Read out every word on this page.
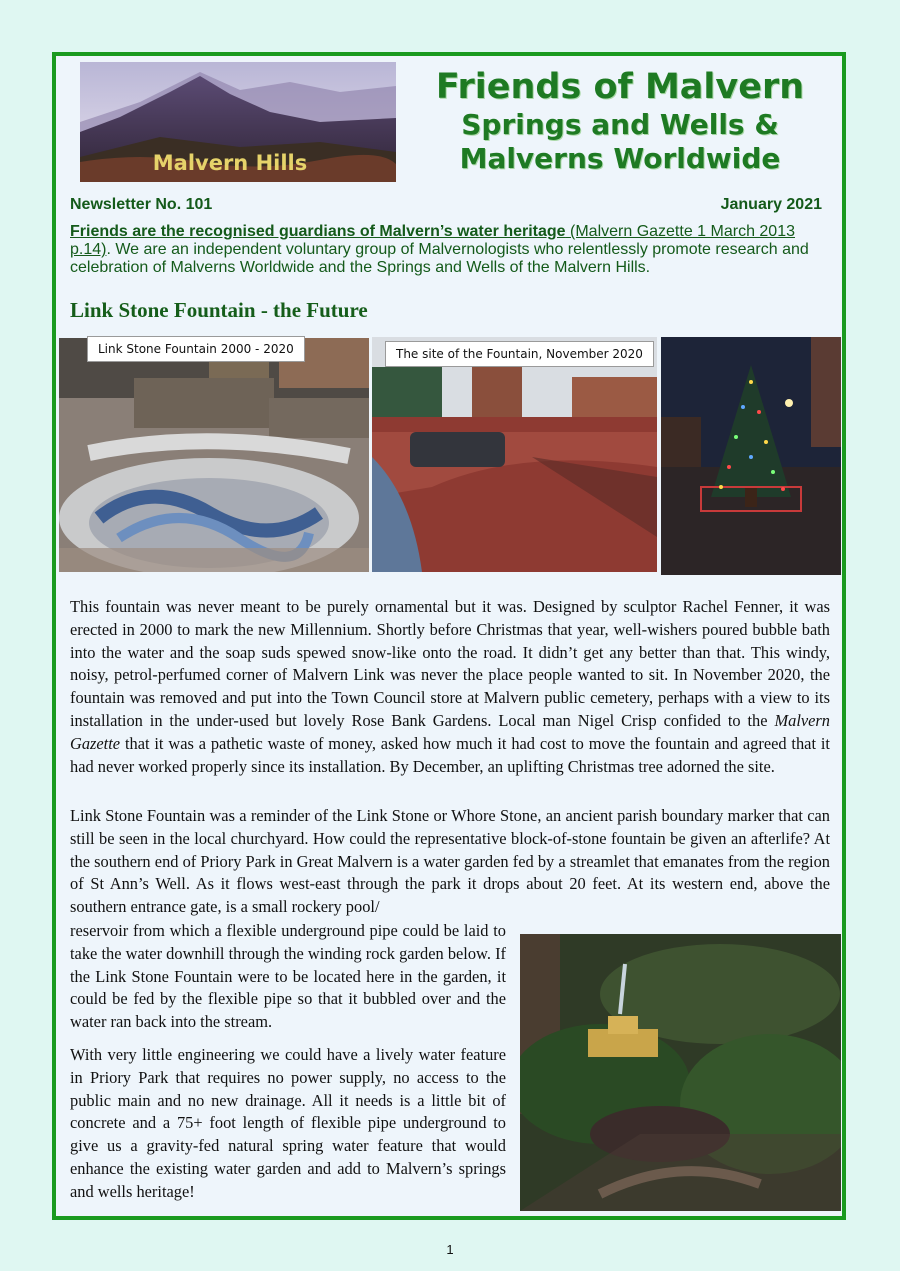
Malvern Hills
Friends of Malvern
Springs and Wells &
Malverns Worldwide
Newsletter No. 101	January 2021
Friends are the recognised guardians of Malvern’s water heritage (Malvern Gazette 1 March 2013 p.14). We are an independent voluntary group of Malvernologists who relentlessly promote research and celebration of Malverns Worldwide and the Springs and Wells of the Malvern Hills.
Link Stone Fountain - the Future
Link Stone Fountain 2000 - 2020	The site of the Fountain, November 2020

This fountain was never meant to be purely ornamental but it was. Designed by sculptor Rachel Fenner, it was erected in 2000 to mark the new Millennium. Shortly before Christmas that year, well-wishers poured bubble bath into the water and the soap suds spewed snow-like onto the road. It didn’t get any better than that. This windy, noisy, petrol-perfumed corner of Malvern Link was never the place people wanted to sit. In November 2020, the fountain was removed and put into the Town Council store at Malvern public cemetery, perhaps with a view to its installation in the under-used but lovely Rose Bank Gardens. Local man Nigel Crisp confided to the Malvern Gazette that it was a pathetic waste of money, asked how much it had cost to move the fountain and agreed that it had never worked properly since its installation. By December, an uplifting Christmas tree adorned the site.

Link Stone Fountain was a reminder of the Link Stone or Whore Stone, an ancient parish boundary marker that can still be seen in the local churchyard. How could the representative block-of-stone fountain be given an afterlife? At the southern end of Priory Park in Great Malvern is a water garden fed by a streamlet that emanates from the region of St Ann’s Well. As it flows west-east through the park it drops about 20 feet. At its western end, above the southern entrance gate, is a small rockery pool/

reservoir from which a flexible underground pipe could be laid to take the water downhill through the winding rock garden below. If the Link Stone Fountain were to be located here in the garden, it could be fed by the flexible pipe so that it bubbled over and the water ran back into the stream.

With very little engineering we could have a lively water feature in Priory Park that requires no power supply, no access to the public main and no new drainage. All it needs is a little bit of concrete and a 75+ foot length of flexible pipe underground to give us a gravity-fed natural spring water feature that would enhance the existing water garden and add to Malvern’s springs and wells heritage!

1
